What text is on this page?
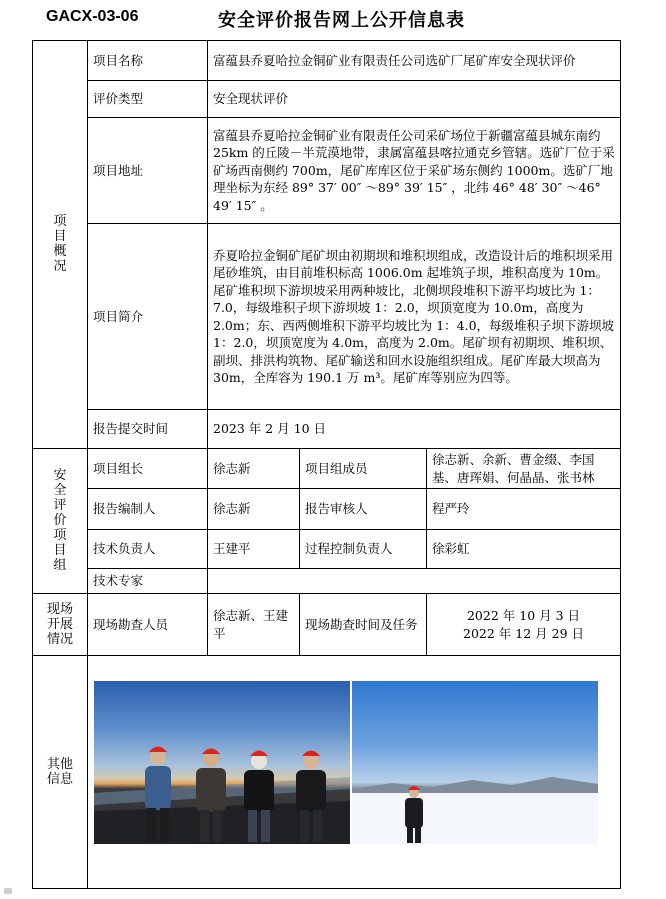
GACX-03-06	安全评价报告网上公开信息表
项目概况	项目名称	富蕴县乔夏哈拉金铜矿业有限责任公司选矿厂尾矿库安全现状评价		
	评价类型	安全现状评价		
	项目地址	富蕴县乔夏哈拉金铜矿业有限责任公司采矿场位于新疆富蕴县城东南约 25km 的丘陵－半荒漠地带，隶属富蕴县喀拉通克乡管辖。选矿厂位于采矿场西南侧约 700m，尾矿库库区位于采矿场东侧约 1000m。选矿厂地理坐标为东经 89° 37′ 00″ ～89° 39′ 15″ ，北纬 46° 48′ 30″ ～46° 49′ 15″ 。		
	项目简介	乔夏哈拉金铜矿尾矿坝由初期坝和堆积坝组成，改造设计后的堆积坝采用尾砂堆筑，由目前堆积标高 1006.0m 起堆筑子坝，堆积高度为 10m。尾矿堆积坝下游坝坡采用两种坡比，北侧坝段堆积下游平均坡比为 1：7.0，每级堆积子坝下游坝坡 1：2.0，坝顶宽度为 10.0m，高度为 2.0m；东、西两侧堆积下游平均坡比为 1：4.0，每级堆积子坝下游坝坡 1：2.0，坝顶宽度为 4.0m，高度为 2.0m。尾矿坝有初期坝、堆积坝、副坝、排洪构筑物、尾矿输送和回水设施组织组成。尾矿库最大坝高为 30m，全库容为 190.1 万 m³。尾矿库等别应为四等。		
	报告提交时间	2023 年 2 月 10 日		
安全评价项目组	项目组长	徐志新	项目组成员	徐志新、余新、曹金缀、李国基、唐珲娟、何晶晶、张书林
	报告编制人	徐志新	报告审核人	程严玲
	技术负责人	王建平	过程控制负责人	徐彩虹
	技术专家			
现场开展情况	现场勘查人员	徐志新、王建平	现场勘查时间及任务	2022 年 10 月 3 日
2022 年 12 月 29 日

其他信息				
